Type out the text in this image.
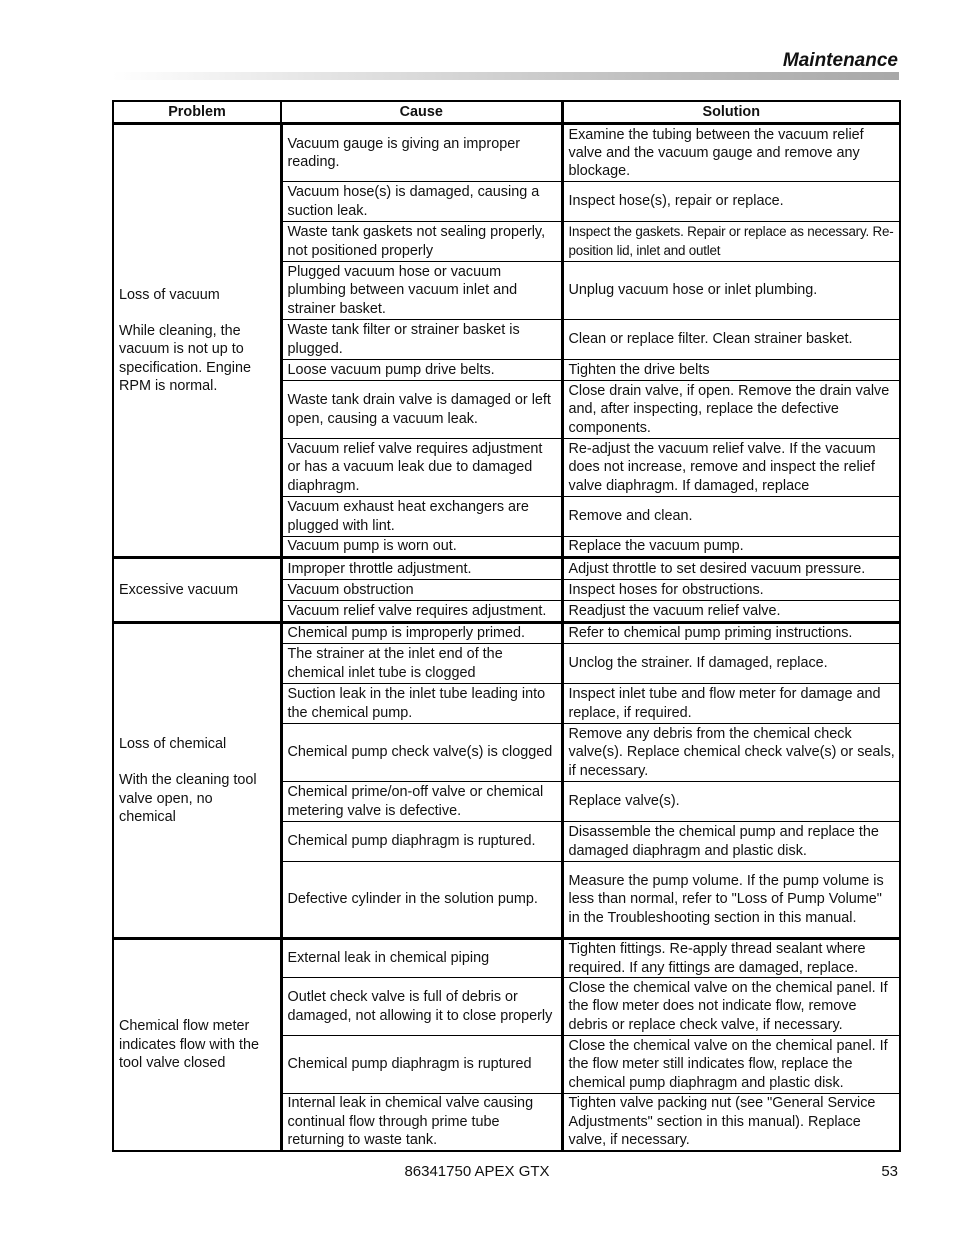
Maintenance
Problem	Cause	Solution

Loss of vacuum
While cleaning, the
vacuum is not up to
specification. Engine
RPM is normal.	Vacuum gauge is giving an improper reading.	Examine the tubing between the vacuum relief valve and the vacuum gauge and remove any blockage.
	Vacuum hose(s) is damaged, causing a suction leak.	Inspect hose(s), repair or replace.
	Waste tank gaskets not sealing properly, not positioned properly	Inspect the gaskets. Repair or replace as necessary. Re-position lid, inlet and outlet
	Plugged vacuum hose or vacuum plumbing between vacuum inlet and strainer basket.	Unplug vacuum hose or inlet plumbing.
	Waste tank filter or strainer basket is plugged.	Clean or replace filter. Clean strainer basket.
	Loose vacuum pump drive belts.	Tighten the drive belts
	Waste tank drain valve is damaged or left open, causing a vacuum leak.	Close drain valve, if open. Remove the drain valve and, after inspecting, replace the defective components.
	Vacuum relief valve requires adjustment or has a vacuum leak due to damaged diaphragm.	Re-adjust the vacuum relief valve. If the vacuum does not increase, remove and inspect the relief valve diaphragm. If damaged, replace
	Vacuum exhaust heat exchangers are plugged with lint.	Remove and clean.
	Vacuum pump is worn out.	Replace the vacuum pump.

Excessive vacuum	Improper throttle adjustment.	Adjust throttle to set desired vacuum pressure.
	Vacuum obstruction	Inspect hoses for obstructions.
	Vacuum relief valve requires adjustment.	Readjust the vacuum relief valve.

Loss of chemical
With the cleaning tool
valve open, no
chemical	Chemical pump is improperly primed.	Refer to chemical pump priming instructions.
	The strainer at the inlet end of the chemical inlet tube is clogged	Unclog the strainer. If damaged, replace.
	Suction leak in the inlet tube leading into the chemical pump.	Inspect inlet tube and flow meter for damage and replace, if required.
	Chemical pump check valve(s) is clogged	Remove any debris from the chemical check valve(s). Replace chemical check valve(s) or seals, if necessary.
	Chemical prime/on-off valve or chemical metering valve is defective.	Replace valve(s).
	Chemical pump diaphragm is ruptured.	Disassemble the chemical pump and replace the damaged diaphragm and plastic disk.
	Defective cylinder in the solution pump.	Measure the pump volume. If the pump volume is less than normal, refer to "Loss of Pump Volume" in the Troubleshooting section in this manual.

Chemical flow meter
indicates flow with the
tool valve closed	External leak in chemical piping	Tighten fittings. Re-apply thread sealant where required. If any fittings are damaged, replace.
	Outlet check valve is full of debris or damaged, not allowing it to close properly	Close the chemical valve on the chemical panel. If the flow meter does not indicate flow, remove debris or replace check valve, if necessary.
	Chemical pump diaphragm is ruptured	Close the chemical valve on the chemical panel. If the flow meter still indicates flow, replace the chemical pump diaphragm and plastic disk.
	Internal leak in chemical valve causing continual flow through prime tube returning to waste tank.	Tighten valve packing nut (see "General Service Adjustments" section in this manual). Replace valve, if necessary.
86341750 APEX GTX	53
